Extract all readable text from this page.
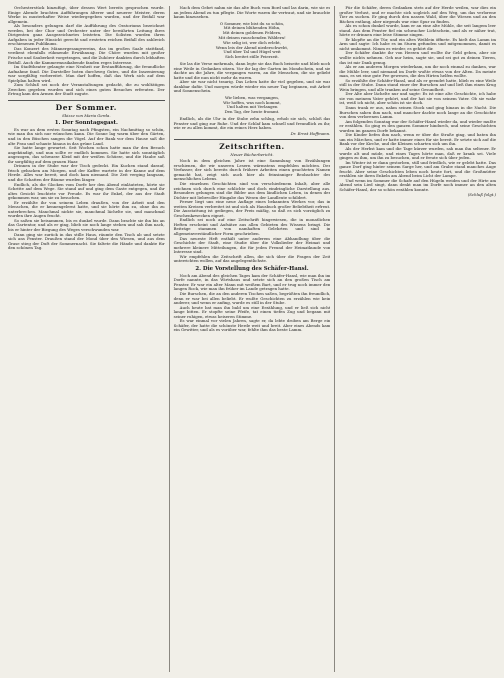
Orchesterstück hinzufügt, über dessen Wert bereits gesprochen wurde. Einige Abende brachten Aufführungen älterer und neuerer Meister, deren Werke in musterhafter Weise wiedergegeben wurden, und der Beifall war allgemein.

Als besonders gelungen darf die Aufführung des Oratoriums bezeichnet werden, bei der Chor und Orchester unter der bewährten Leitung ihres Dirigenten ganz Ausgezeichnetes leisteten. Die Solisten wurden ihren Aufgaben in jeder Hinsicht gerecht und ernteten reichen Beifall des zahlreich erschienenen Publikums.

Das Konzert des Männergesangvereins, das im großen Saale stattfand, verdient ebenfalls rühmende Erwähnung. Die Chöre wurden mit großer Frische und Sauberkeit vorgetragen, und die Zuhörer dankten durch lebhaften Beifall. Auch die Kammermusikabende fanden reges Interesse.

Im Stadttheater gelangte eine Neuheit zur Erstaufführung, die freundliche Aufnahme fand. Die Darsteller boten durchweg Gutes, und die Inszenierung war sorgfältig vorbereitet. Man darf hoffen, daß das Werk sich auf dem Spielplan halten wird.

Zum Schluß sei noch der Veranstaltungen gedacht, die zu wohltätigen Zwecken gegeben wurden und sich eines guten Besuches erfreuten. Der Ertrag kam den Armen der Stadt zugute.

Der Sommer.
Skizze von Maria Gerda.
1. Der Sonntagsgast.

Es war an dem ersten Sonntag nach Pfingsten, ein Nachmittag so schön, wie man ihn sich nur wünschen kann. Die Sonne lag warm über den Gärten, und in den Büschen sangen die Vögel. Auf der Bank vor dem Hause saß die alte Frau und schaute hinaus in das grüne Land.

Sie hatte lange gewartet. Seit Wochen schon hatte man ihr den Besuch angekündigt, und nun sollte er endlich kommen. Sie hatte sich sonntäglich angezogen, das schwarze Kleid mit der weißen Schürze, und die Haube saß ihr sorgfältig auf dem grauen Haar.

Drinnen in der Stube war der Tisch gedeckt. Ein Kuchen stand darauf, frisch gebacken am Morgen, und der Kaffee wartete in der Kanne auf dem Herde. Alles war bereit, und doch kam niemand. Die Zeit verging langsam, und die Schatten der Bäume wurden länger.

Endlich, als die Glocken vom Dorfe her den Abend einläuteten, hörte sie Schritte auf dem Wege. Sie stand auf und ging dem Gaste entgegen, und ihr altes Gesicht leuchtete vor Freude. Es war ihr Enkel, der aus der Stadt gekommen war, um sie zu besuchen.

Er erzählte ihr von seinem Leben draußen, von der Arbeit und den Menschen, die er kennengelernt hatte, und sie hörte ihm zu, ohne ihn zu unterbrechen. Manchmal nickte sie, manchmal lächelte sie, und manchmal wurden ihre Augen feucht.

So saßen sie beisammen, bis es dunkel wurde. Dann brachte sie ihn bis an das Gartentor, und als er ging, blieb sie noch lange stehen und sah ihm nach, bis er hinter der Biegung des Weges verschwunden war.

Dann ging sie zurück in das stille Haus, räumte den Tisch ab und setzte sich ans Fenster. Draußen stand der Mond über den Wiesen, und aus dem Grase stieg der Duft der Sommernacht. Sie faltete die Hände und dankte für den schönen Tag.

Nach dem Gebet nahm sie das alte Buch vom Bord und las darin, wie sie es an jedem Abend zu tun pflegte. Die Worte waren ihr vertraut, und sie brauchte kaum hinzusehen.

O Sommer, wie bist du so schön,
Mit deinen blühenden Höhn,
Mit deinen goldenen Feldern,
Mit deinen rauschenden Wäldern!
Wie selig ist, wer dich erlebt,
Wenn leis der Abend niederschwebt,
Und über Tal und Hügel weit
Sich breitet stille Feierzeit.

Sie las die Verse mehrmals, dann legte sie das Buch beiseite und blieb noch eine Weile in Gedanken sitzen. Vor ihr lag der Garten im Mondschein, und sie dachte an die Jahre, die vergangen waren, an die Menschen, die sie geliebt hatte und die nun nicht mehr da waren.

Aber sie war nicht traurig. Das Leben hatte ihr viel gegeben, und sie war dankbar dafür. Und morgen würde wieder ein neuer Tag beginnen, mit Arbeit und Sonnenschein.

Wir lieben, was vergangen,
Wir hoffen, was noch kommt,
Und halten mit Verlangen
Den Tag, der heute frommt.

Endlich, als die Uhr in der Stube zehn schlug, erhob sie sich, schloß das Fenster und ging zur Ruhe. Und der Schlaf kam schnell und freundlich zu ihr, wie er zu allen kommt, die ein reines Herz haben.

Dr. Ernst Hoffmann.
Zeitschriften.
Neuer Bücherbericht.

Noch in dem gleichen Jahre ist eine Sammlung von Erzählungen erschienen, die wir unseren Lesern wärmstens empfehlen möchten. Der Verfasser, der sich bereits durch frühere Arbeiten einen geachteten Namen gemacht hat, zeigt sich auch hier als feinsinniger Beobachter des menschlichen Lebens.

Die einzelnen Geschichten sind von verschiedenem Inhalt, aber alle zeichnen sich durch eine schlichte und doch eindringliche Darstellung aus. Besonders gelungen sind die Bilder aus dem ländlichen Leben, in denen der Dichter mit liebevoller Hingabe das Wesen der Landleute schildert.

Ferner liegt uns eine neue Auflage eines bekannten Werkes vor, das in weiten Kreisen verbreitet ist und sich als Hausbuch großer Beliebtheit erfreut. Die Ausstattung ist gediegen, der Preis mäßig, so daß es sich vorzüglich zu Geschenkzwecken eignet.

Endlich sei noch auf eine Zeitschrift hingewiesen, die in monatlichen Heften erscheint und Aufsätze aus allen Gebieten des Wissens bringt. Die Beiträge stammen von namhaften Gelehrten und sind in allgemeinverständlicher Form geschrieben.

Das neueste Heft enthält unter anderem eine Abhandlung über die Geschichte der Stadt, eine Studie über die Volkslieder der Heimat und mehrere kleinere Mitteilungen, die für jeden Freund der Heimatkunde von Interesse sind.

Wir empfehlen die Zeitschrift allen, die sich über die Fragen der Zeit unterrichten wollen, auf das angelegentlichste.

2. Die Vorstellung des Schäfer-Hansl.

Noch am Abend des gleichen Tages kam der Schäfer-Hansl, wie man ihn im Dorfe nannte, in das Wirtshaus und setzte sich an den großen Tisch am Fenster. Er war ein alter Mann mit weißem Bart, und er trug noch immer den langen Rock, wie man ihn früher im Lande getragen hatte.

Die Burschen, die an den anderen Tischen saßen, begrüßten ihn freundlich, denn er war bei allen beliebt. Er wußte Geschichten zu erzählen wie kein anderer, und wenn er anfing, wurde es still in der Stube.

Auch heute bat man ihn bald um eine Erzählung, und er ließ sich nicht lange bitten. Er stopfte seine Pfeife, tat einen tiefen Zug und begann mit seiner ruhigen, etwas heiseren Stimme.

Es war einmal vor vielen Jahren, sagte er, da lebte droben am Berge ein Schäfer, der hatte die schönste Herde weit und breit. Aber eines Abends kam ein Gewitter, und als es vorüber war, fehlte ihm das beste Lamm.

Für die Schäfer, deren Gedanken stets auf der Herde weilen, war dies ein großer Verlust, und er machte sich sogleich auf den Weg, um das verlorene Tier zu suchen. Er ging durch den nassen Wald, über die Wiesen und an den Bächen entlang, aber nirgends war eine Spur zu finden.

Als es schon dunkel wurde, kam er an eine alte Mühle, die seit langem leer stand. Aus dem Fenster fiel ein schwacher Lichtschein, und als er näher trat, hörte er drinnen eine leise Stimme singen.

Er klopfte an die Tür, und ein altes Weiblein öffnete. Es hielt das Lamm im Arm und sagte: Ich habe es im Sturm gefunden und mitgenommen, damit es nicht umkommt. Nimm es wieder, es gehört dir.

Der Schäfer dankte ihr von Herzen und wollte ihr Geld geben, aber sie wollte nichts nehmen. Geh nur heim, sagte sie, und sei gut zu deinen Tieren, das ist mir Dank genug.

Als er am anderen Morgen wiederkam, um ihr noch einmal zu danken, war die Mühle leer, und niemand im Dorfe wußte etwas von der Alten. Da meinte man, es sei eine gute Fee gewesen, die den Hirten helfen wollte.

So erzählte der Schäfer-Hansl, und als er geendet hatte, blieb es eine Weile still in der Stube. Dann stand einer der Burschen auf und ließ ihm einen Krug Wein bringen, und alle tranken auf seine Gesundheit.

Der Alte aber lächelte nur und sagte: Es ist eine alte Geschichte, ich habe sie von meinem Vater gehört, und der hat sie von seinem Vater. Ob sie wahr ist, weiß ich nicht, aber schön ist sie doch.

Dann trank er aus, nahm seinen Stock und ging hinaus in die Nacht. Die Burschen sahen ihm nach, und mancher dachte noch lange an die Geschichte von dem verlorenen Lamm.

Am folgenden Sonntag war der Schäfer-Hansl wieder da, und wieder mußte er erzählen. So ging es den ganzen Sommer hindurch, und seine Geschichten wurden im ganzen Dorfe bekannt.

Die Kinder liefen ihm nach, wenn er über die Straße ging, und baten ihn um ein Märchen, und er hatte immer eines für sie bereit. Er setzte sich auf die Bank vor der Kirche, und die Kleinen scharten sich um ihn.

Als der Herbst kam und die Tage kürzer wurden, sah man ihn seltener. Er wurde alt und müde, und eines Tages hörte man, daß er krank sei. Viele gingen zu ihm, um ihn zu besuchen, und er freute sich über jeden.

Im Winter ist er dann gestorben, still und friedlich, wie er gelebt hatte. Das ganze Dorf ging hinter seinem Sarge her, und am Grabe stand manches Auge feucht. Aber seine Geschichten leben noch heute fort, und die Großmütter erzählen sie ihren Enkeln am Abend beim Licht der Lampe.

Und wenn im Sommer die Schafe auf den Hügeln weiden und der Hirte am Abend sein Lied singt, dann denkt man im Dorfe noch immer an den alten Schäfer-Hansl, der so schön erzählen konnte.

(Schluß folgt.)
